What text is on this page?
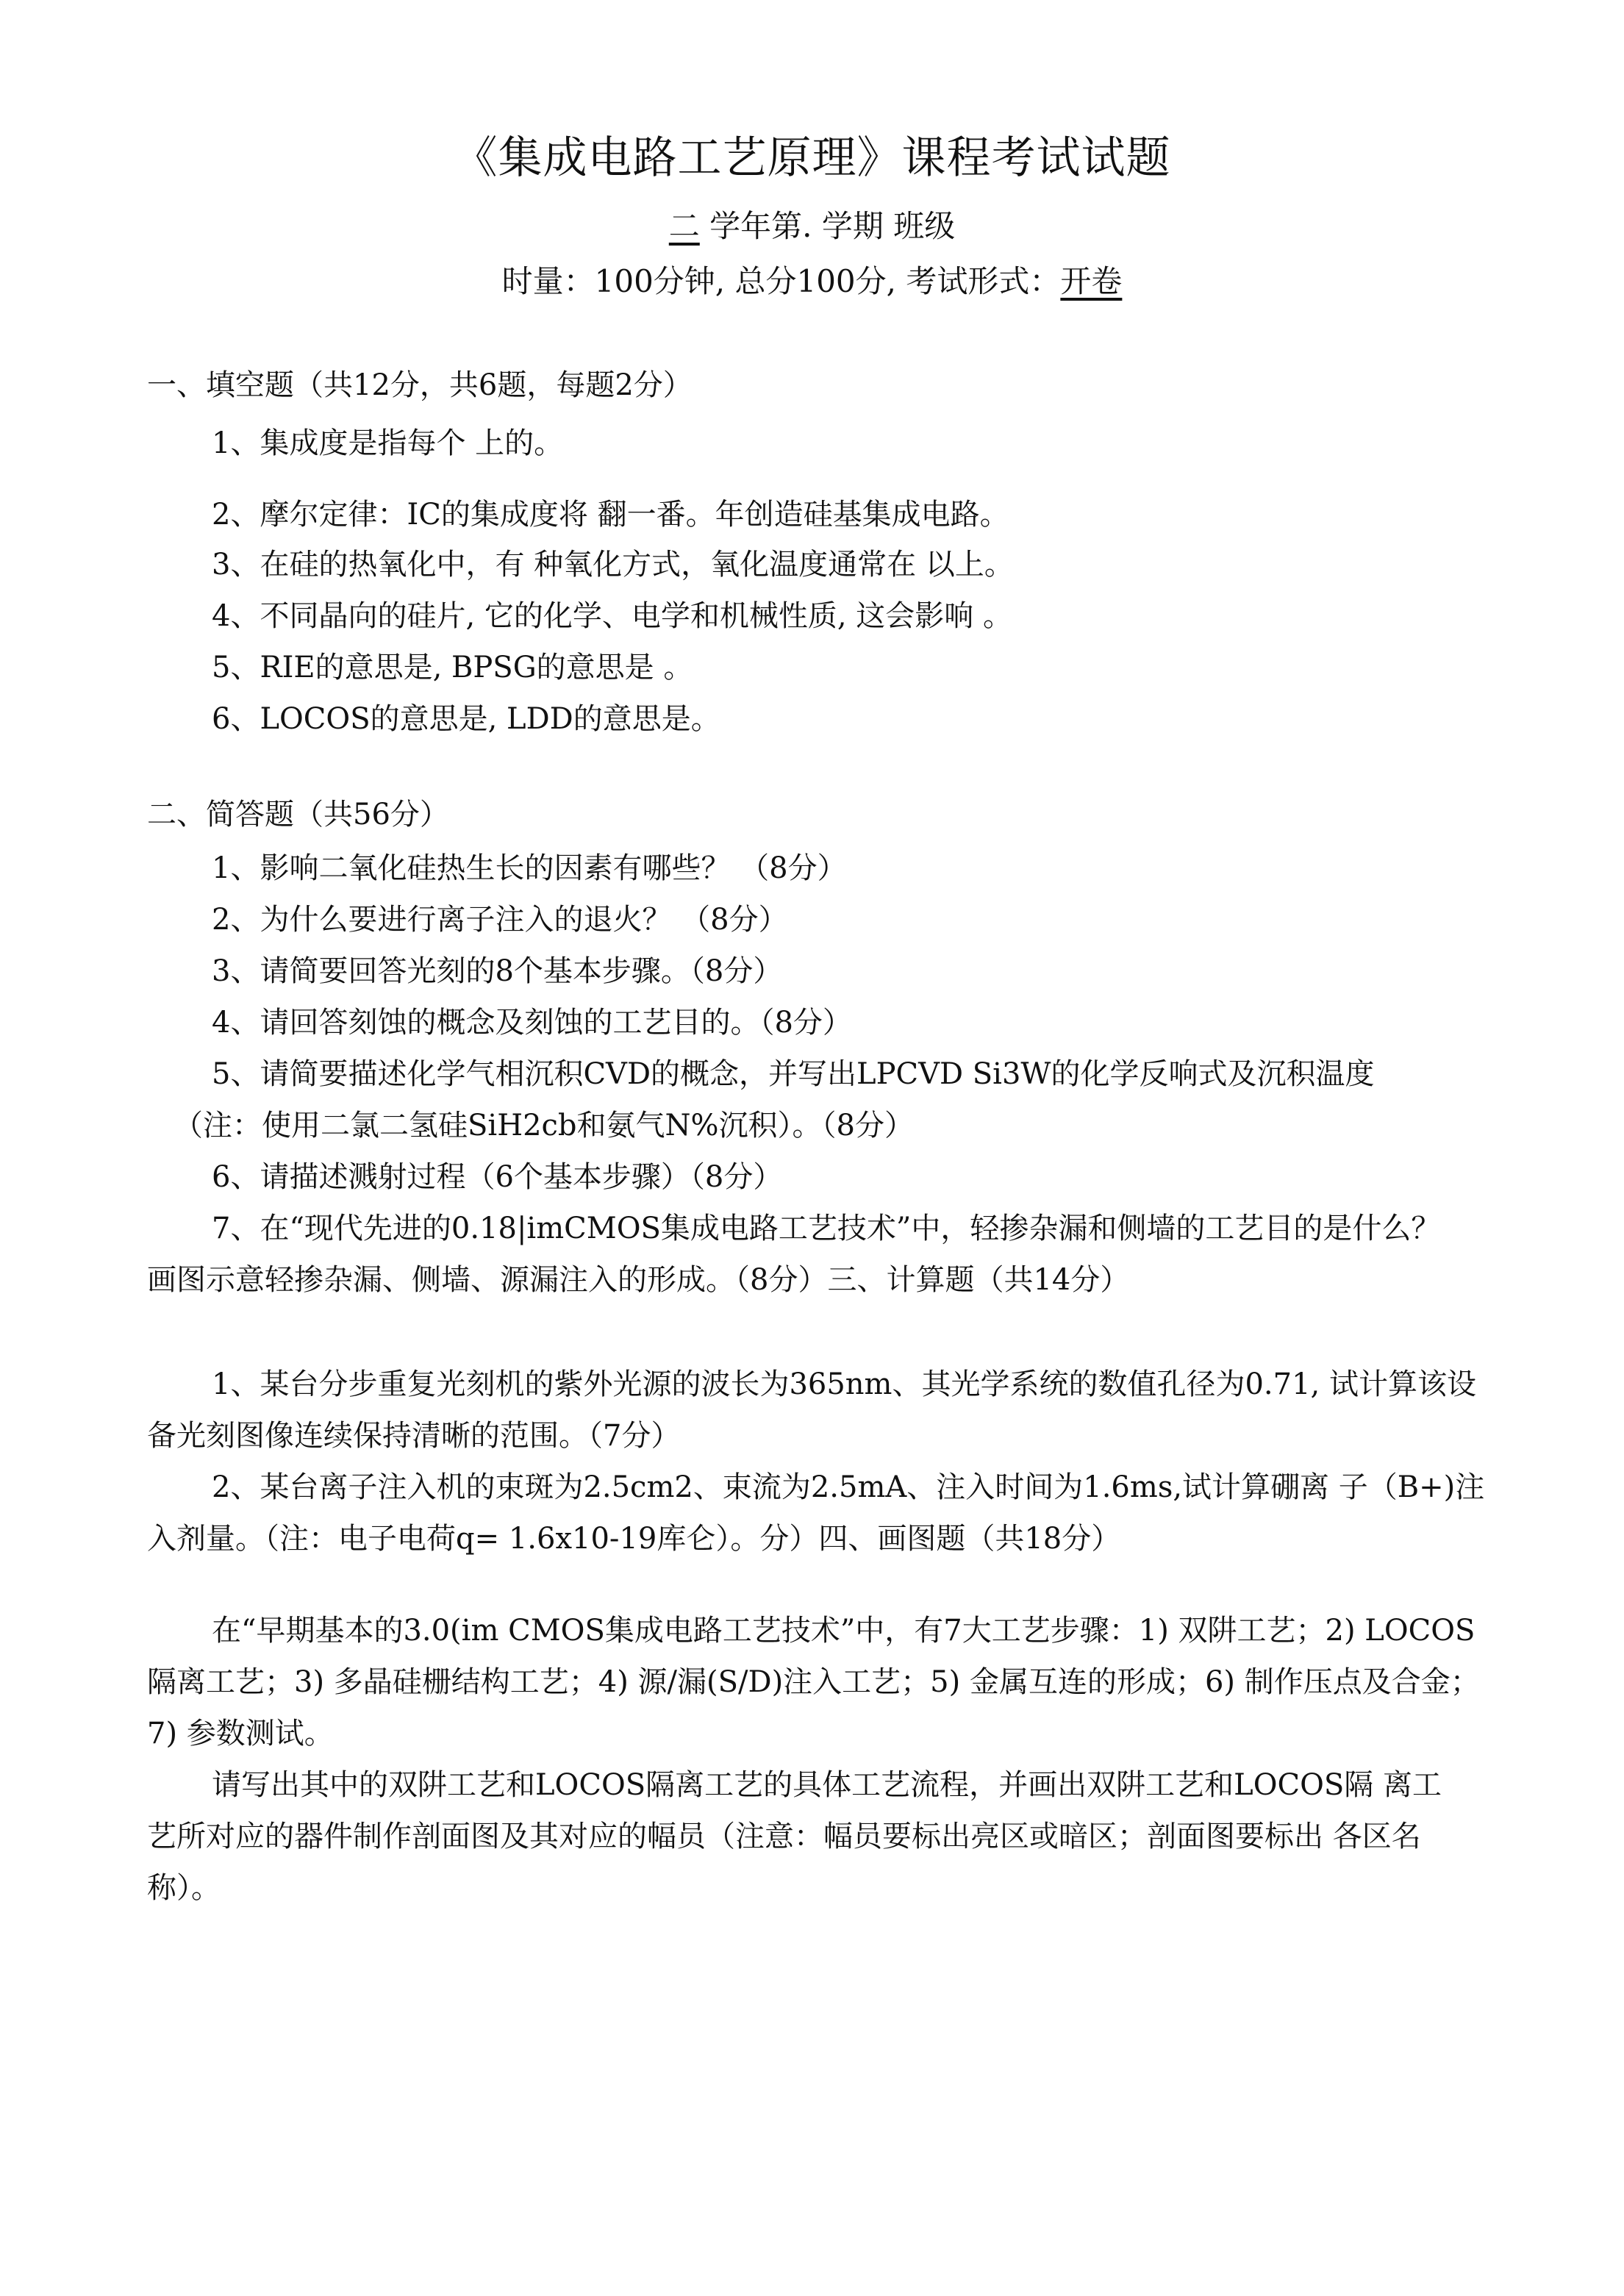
《集成电路工艺原理》课程考试试题
二 学年第. 学期 班级
时量：100分钟, 总分100分, 考试形式：开卷
一、填空题（共12分，共6题，每题2分）
1、集成度是指每个 上的。
2、摩尔定律：IC的集成度将 翻一番。年创造硅基集成电路。
3、在硅的热氧化中，有 种氧化方式，氧化温度通常在 以上。
4、不同晶向的硅片, 它的化学、电学和机械性质, 这会影响 。
5、RIE的意思是, BPSG的意思是 。
6、LOCOS的意思是, LDD的意思是。
二、简答题（共56分）
1、影响二氧化硅热生长的因素有哪些？ （8分）
2、为什么要进行离子注入的退火？ （8分）
3、请简要回答光刻的8个基本步骤。（8分）
4、请回答刻蚀的概念及刻蚀的工艺目的。（8分）
5、请简要描述化学气相沉积CVD的概念，并写出LPCVD Si3W的化学反响式及沉积温度
（注：使用二氯二氢硅SiH2cb和氨气N%沉积）。（8分）
6、请描述溅射过程（6个基本步骤）（8分）
7、在“现代先进的0.18|imCMOS集成电路工艺技术”中，轻掺杂漏和侧墙的工艺目的是什么？
画图示意轻掺杂漏、侧墙、源漏注入的形成。（8分）三、计算题（共14分）
1、某台分步重复光刻机的紫外光源的波长为365nm、其光学系统的数值孔径为0.71, 试计算该设
备光刻图像连续保持清晰的范围。（7分）
2、某台离子注入机的束斑为2.5cm2、束流为2.5mA、注入时间为1.6ms,试计算硼离 子（B+)注
入剂量。（注：电子电荷q= 1.6x10-19库仑）。分）四、画图题（共18分）
在“早期基本的3.0(im CMOS集成电路工艺技术”中，有7大工艺步骤：1) 双阱工艺；2) LOCOS
隔离工艺；3) 多晶硅栅结构工艺；4) 源/漏(S/D)注入工艺；5) 金属互连的形成；6) 制作压点及合金；
7) 参数测试。
请写出其中的双阱工艺和LOCOS隔离工艺的具体工艺流程，并画出双阱工艺和LOCOS隔 离工
艺所对应的器件制作剖面图及其对应的幅员（注意：幅员要标出亮区或暗区；剖面图要标出 各区名
称）。
